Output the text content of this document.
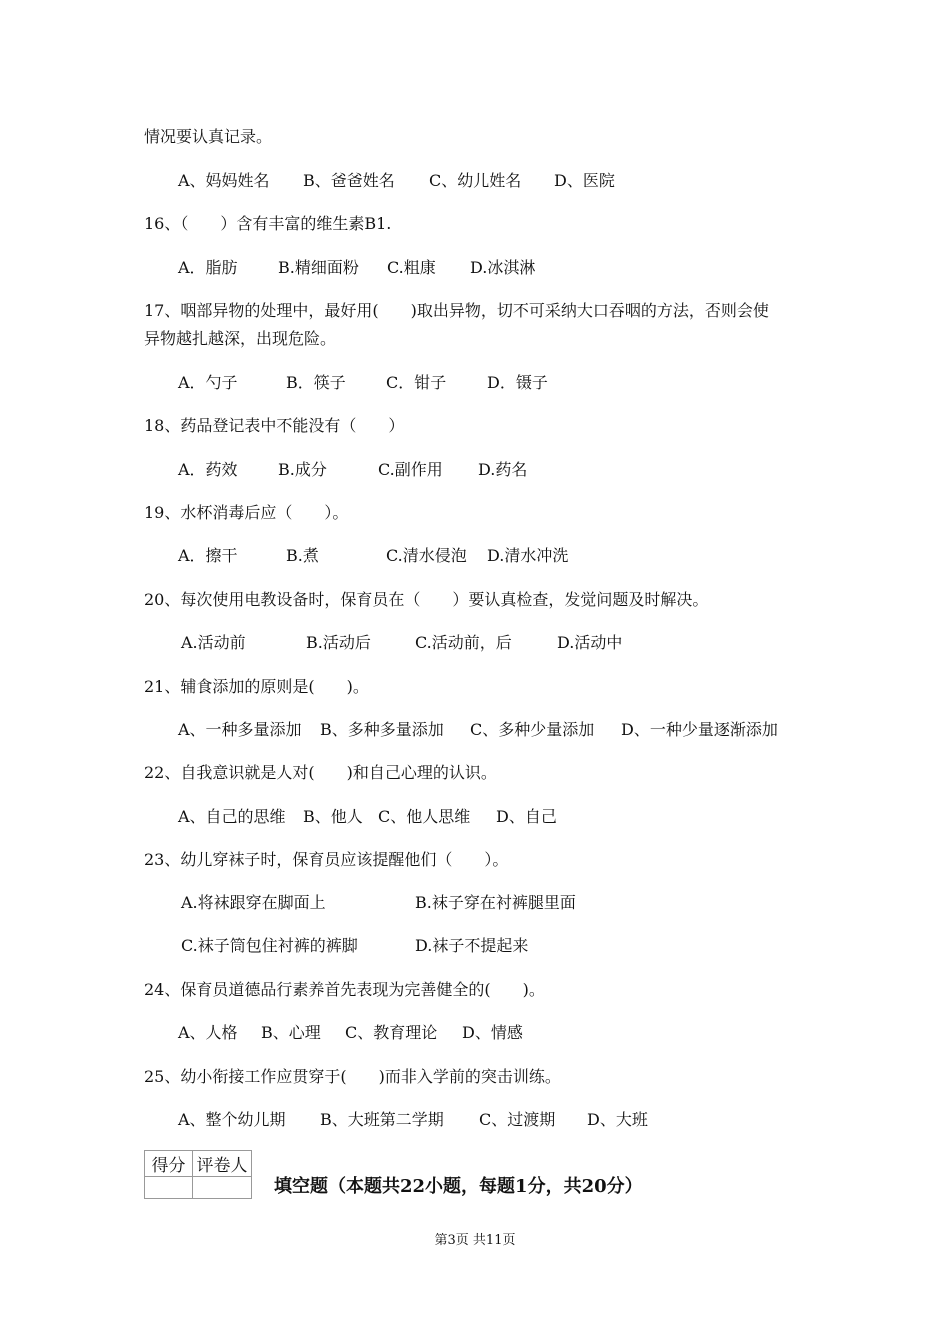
情况要认真记录。
A、妈妈姓名 B、爸爸姓名 C、幼儿姓名 D、医院
16、（　　）含有丰富的维生素B1.
A．脂肪	B.精细面粉 C.粗康 D.冰淇淋
17、咽部异物的处理中，最好用(　　)取出异物，切不可采纳大口吞咽的方法，否则会使
异物越扎越深，出现危险。
A．勺子	B．筷子	C．钳子	D．镊子
18、药品登记表中不能没有（　　）
A．药效	B.成分	C.副作用 D.药名
19、水杯消毒后应（　　）。
A．擦干	B.煮	C.清水侵泡 D.清水冲洗
20、每次使用电教设备时，保育员在（　　）要认真检查，发觉问题及时解决。
A.活动前	B.活动后	C.活动前，后	D.活动中
21、辅食添加的原则是(　　)。
A、一种多量添加 B、多种多量添加 C、多种少量添加 D、一种少量逐渐添加
22、自我意识就是人对(　　)和自己心理的认识。
A、自己的思维 B、他人 C、他人思维 D、自己
23、幼儿穿袜子时，保育员应该提醒他们（　　）。
A.将袜跟穿在脚面上	B.袜子穿在衬裤腿里面
C.袜子筒包住衬裤的裤脚	D.袜子不提起来
24、保育员道德品行素养首先表现为完善健全的(　　)。
A、人格 B、心理 C、教育理论 D、情感
25、幼小衔接工作应贯穿于(　　)而非入学前的突击训练。
A、整个幼儿期 B、大班第二学期 C、过渡期 D、大班
得分	评卷人

填空题（本题共22小题，每题1分，共20分）
第3页 共11页
